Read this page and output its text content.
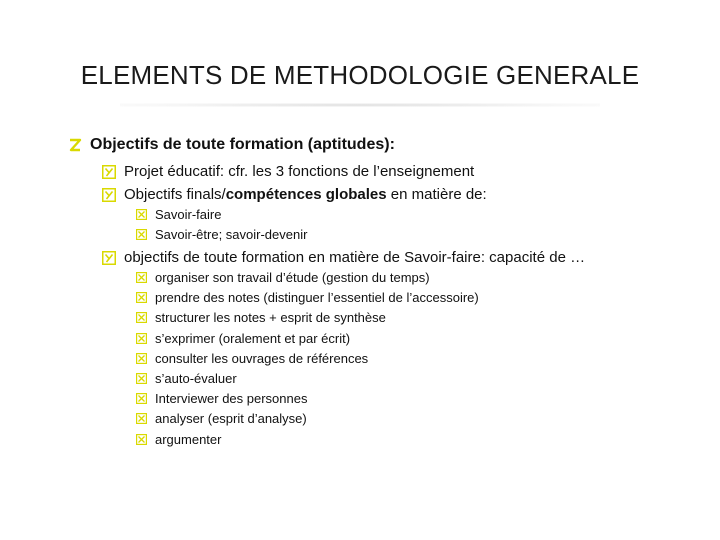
ELEMENTS DE METHODOLOGIE GENERALE
Objectifs de toute formation (aptitudes):
Projet éducatif: cfr. les 3 fonctions de l’enseignement
Objectifs finals/ compétences globales en matière de:
Savoir-faire
Savoir-être; savoir-devenir
objectifs de toute formation en matière de Savoir-faire: capacité de …
organiser son travail d’étude (gestion du temps)
prendre des notes (distinguer l’essentiel de l’accessoire)
structurer les notes + esprit de synthèse
s’exprimer (oralement et par écrit)
consulter les ouvrages de références
s’auto-évaluer
Interviewer des personnes
analyser (esprit d’analyse)
argumenter
